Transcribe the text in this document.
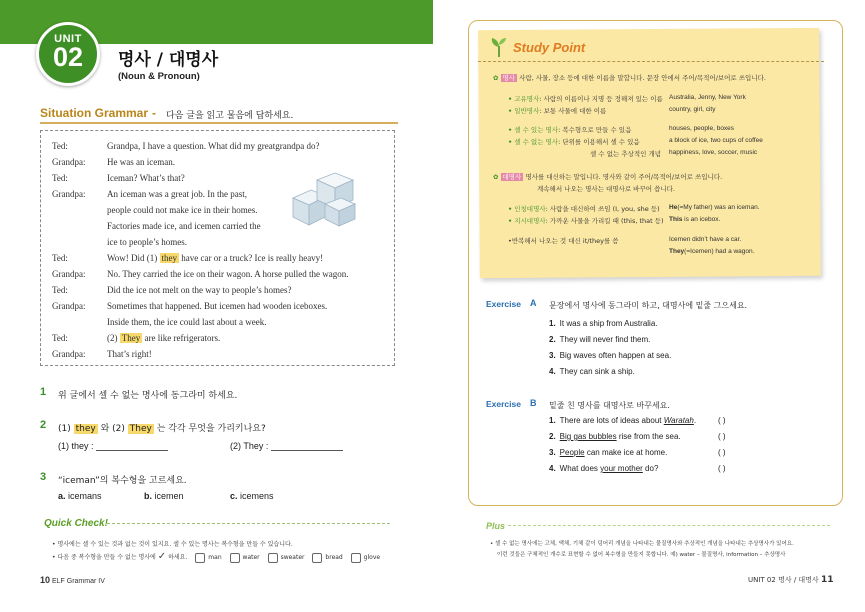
UNIT
02	명사 / 대명사
(Noun & Pronoun)
Situation Grammar - 다음 글을 읽고 물음에 답하세요.
Ted:	Grandpa, I have a question. What did my greatgrandpa do?
Grandpa: He was an iceman.
Ted:	Iceman? What’s that?
Grandpa: An iceman was a great job. In the past,
people could not make ice in their homes.
Factories made ice, and icemen carried the
ice to people’s homes.
Ted:	Wow! Did (1) they have car or a truck? Ice is really heavy!
Grandpa: No. They carried the ice on their wagon. A horse pulled the wagon.
Ted:	Did the ice not melt on the way to people’s homes?
Grandpa: Sometimes that happened. But icemen had wooden iceboxes.
Inside them, the ice could last about a week.
Ted:	(2) They are like refrigerators.
Grandpa: That’s right!
1 위 글에서 셀 수 없는 명사에 동그라미 하세요.
2 (1) they 와 (2) They 는 각각 무엇을 가리키나요?
(1) they :	(2) They :
3 “iceman”의 복수형을 고르세요.
a. icemans	b. icemen	c. icemens
Quick Check!
• 명사에는 셀 수 있는 것과 없는 것이 있지요. 셀 수 있는 명사는 복수형을 만들 수 있습니다.
• 다음 중 복수형을 만들 수 없는 명사에 ✓ 하세요.	man	water	sweater	bread	glove
10 ELF Grammar IV
Study Point
✿ 명사 사람, 사물, 장소 등에 대한 이름을 말합니다. 문장 안에서 주어/목적어/보어로 쓰입니다.
• 고유명사: 사람의 이름이나 지명 등 정해져 있는 이름 Australia, Jenny, New York
• 일반명사: 보통 사물에 대한 이름	country, girl, city
• 셀 수 있는 명사: 복수형으로 만들 수 있음	houses, people, boxes
• 셀 수 없는 명사: 단위를 이용해서 셀 수 있음	a block of ice, two cups of coffee
셀 수 없는 추상적인 개념 happiness, love, soccer, music
✿ 대명사 명사를 대신하는 말입니다. 명사와 같이 주어/목적어/보어로 쓰입니다.
계속해서 나오는 명사는 대명사로 바꾸어 씁니다.
• 인칭대명사: 사람을 대신하여 쓰임 (I, you, she 등) He(=My father) was an iceman.
• 지시대명사: 가까운 사물을 가리킬 때 (this, that 등) This is an icebox.
•반복해서 나오는 것 대신 it/they를 씀	Icemen didn’t have a car.
They(=Icemen) had a wagon.
Exercise A 문장에서 명사에 동그라미 하고, 대명사에 밑줄 그으세요.
1. It was a ship from Australia.
2. They will never find them.
3. Big waves often happen at sea.
4. They can sink a ship.
Exercise B 밑줄 친 명사를 대명사로 바꾸세요.
1. There are lots of ideas about Waratah.	( )
2. Big gas bubbles rise from the sea.	( )
3. People can make ice at home.	( )
4. What does your mother do?	( )
Plus
• 셀 수 없는 명사에는 고체, 액체, 기체 같이 덩어리 개념을 나타내는 물질명사와 추상적인 개념을 나타내는 추상명사가 있어요.
이런 것들은 구체적인 개수로 표현할 수 없어 복수형을 만들지 못합니다. 예) water – 물질명사, information – 추상명사
UNIT 02 명사 / 대명사 11
